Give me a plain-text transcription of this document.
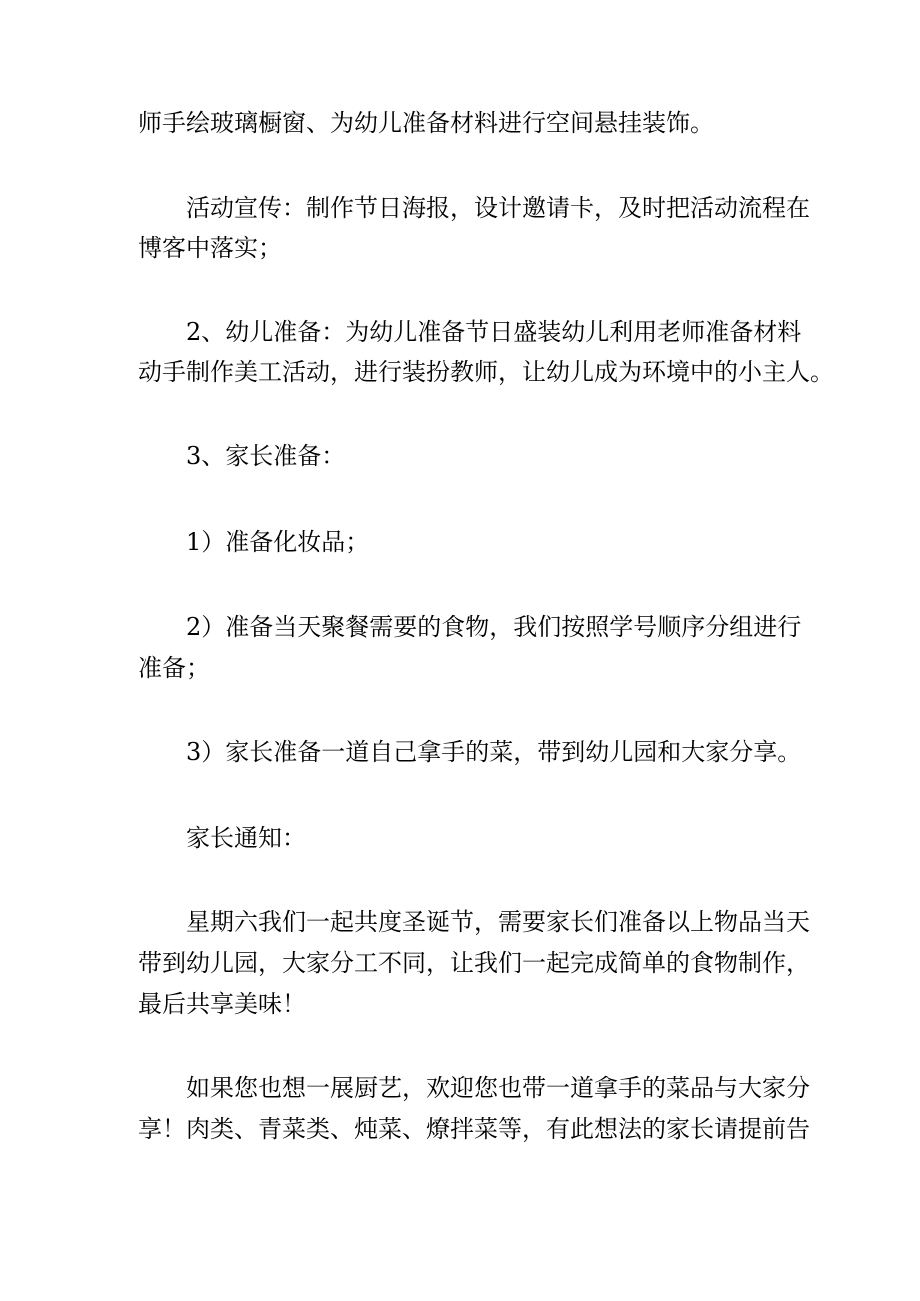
师手绘玻璃橱窗、为幼儿准备材料进行空间悬挂装饰。
活动宣传：制作节日海报，设计邀请卡，及时把活动流程在
博客中落实；
2、幼儿准备：为幼儿准备节日盛装幼儿利用老师准备材料
动手制作美工活动，进行装扮教师，让幼儿成为环境中的小主人。
3、家长准备：
1）准备化妆品；
2）准备当天聚餐需要的食物，我们按照学号顺序分组进行
准备；
3）家长准备一道自己拿手的菜，带到幼儿园和大家分享。
家长通知：
星期六我们一起共度圣诞节，需要家长们准备以上物品当天
带到幼儿园，大家分工不同，让我们一起完成简单的食物制作，
最后共享美味！
如果您也想一展厨艺，欢迎您也带一道拿手的菜品与大家分
享！肉类、青菜类、炖菜、燎拌菜等，有此想法的家长请提前告
